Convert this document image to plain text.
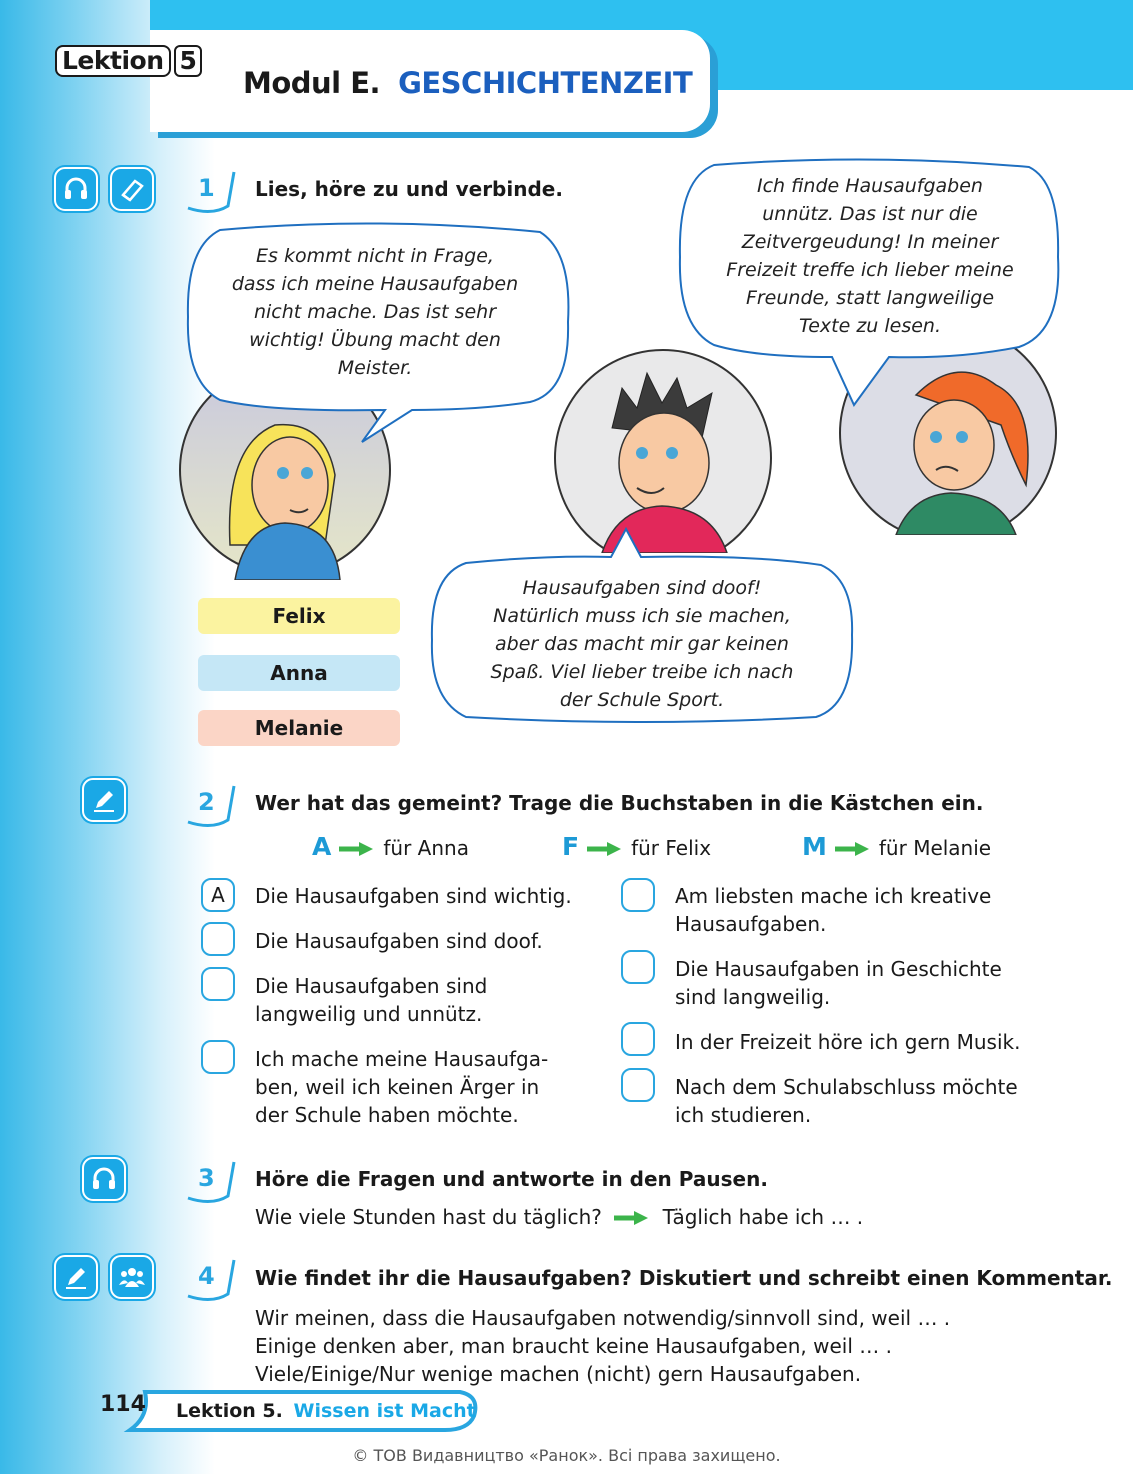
Lektion 5
Modul E. GESCHICHTENZEIT
1 Lies, höre zu und verbinde.
Es kommt nicht in Frage,
dass ich meine Hausaufgaben
nicht mache. Das ist sehr
wichtig! Übung macht den
Meister.
Ich finde Hausaufgaben
unnütz. Das ist nur die
Zeitvergeudung! In meiner
Freizeit treffe ich lieber meine
Freunde, statt langweilige
Texte zu lesen.
Hausaufgaben sind doof!
Natürlich muss ich sie machen,
aber das macht mir gar keinen
Spaß. Viel lieber treibe ich nach
der Schule Sport.
Felix
Anna
Melanie
2 Wer hat das gemeint? Trage die Buchstaben in die Kästchen ein.
A	für Anna	F	für Felix	M	für Melanie
A	Die Hausaufgaben sind wichtig.
Die Hausaufgaben sind doof.
Die Hausaufgaben sind
langweilig und unnütz.
Ich mache meine Hausaufga-
ben, weil ich keinen Ärger in
der Schule haben möchte.
Am liebsten mache ich kreative
Hausaufgaben.
Die Hausaufgaben in Geschichte
sind langweilig.
In der Freizeit höre ich gern Musik.
Nach dem Schulabschluss möchte
ich studieren.
3 Höre die Fragen und antworte in den Pausen.
Wie viele Stunden hast du täglich?	Täglich habe ich … .
4 Wie findet ihr die Hausaufgaben? Diskutiert und schreibt einen Kommentar.
Wir meinen, dass die Hausaufgaben notwendig/sinnvoll sind, weil … .
Einige denken aber, man braucht keine Hausaufgaben, weil … .
Viele/Einige/Nur wenige machen (nicht) gern Hausaufgaben.
114 Lektion 5. Wissen ist Macht
© ТОВ Видавництво «Ранок». Всі права захищено.
